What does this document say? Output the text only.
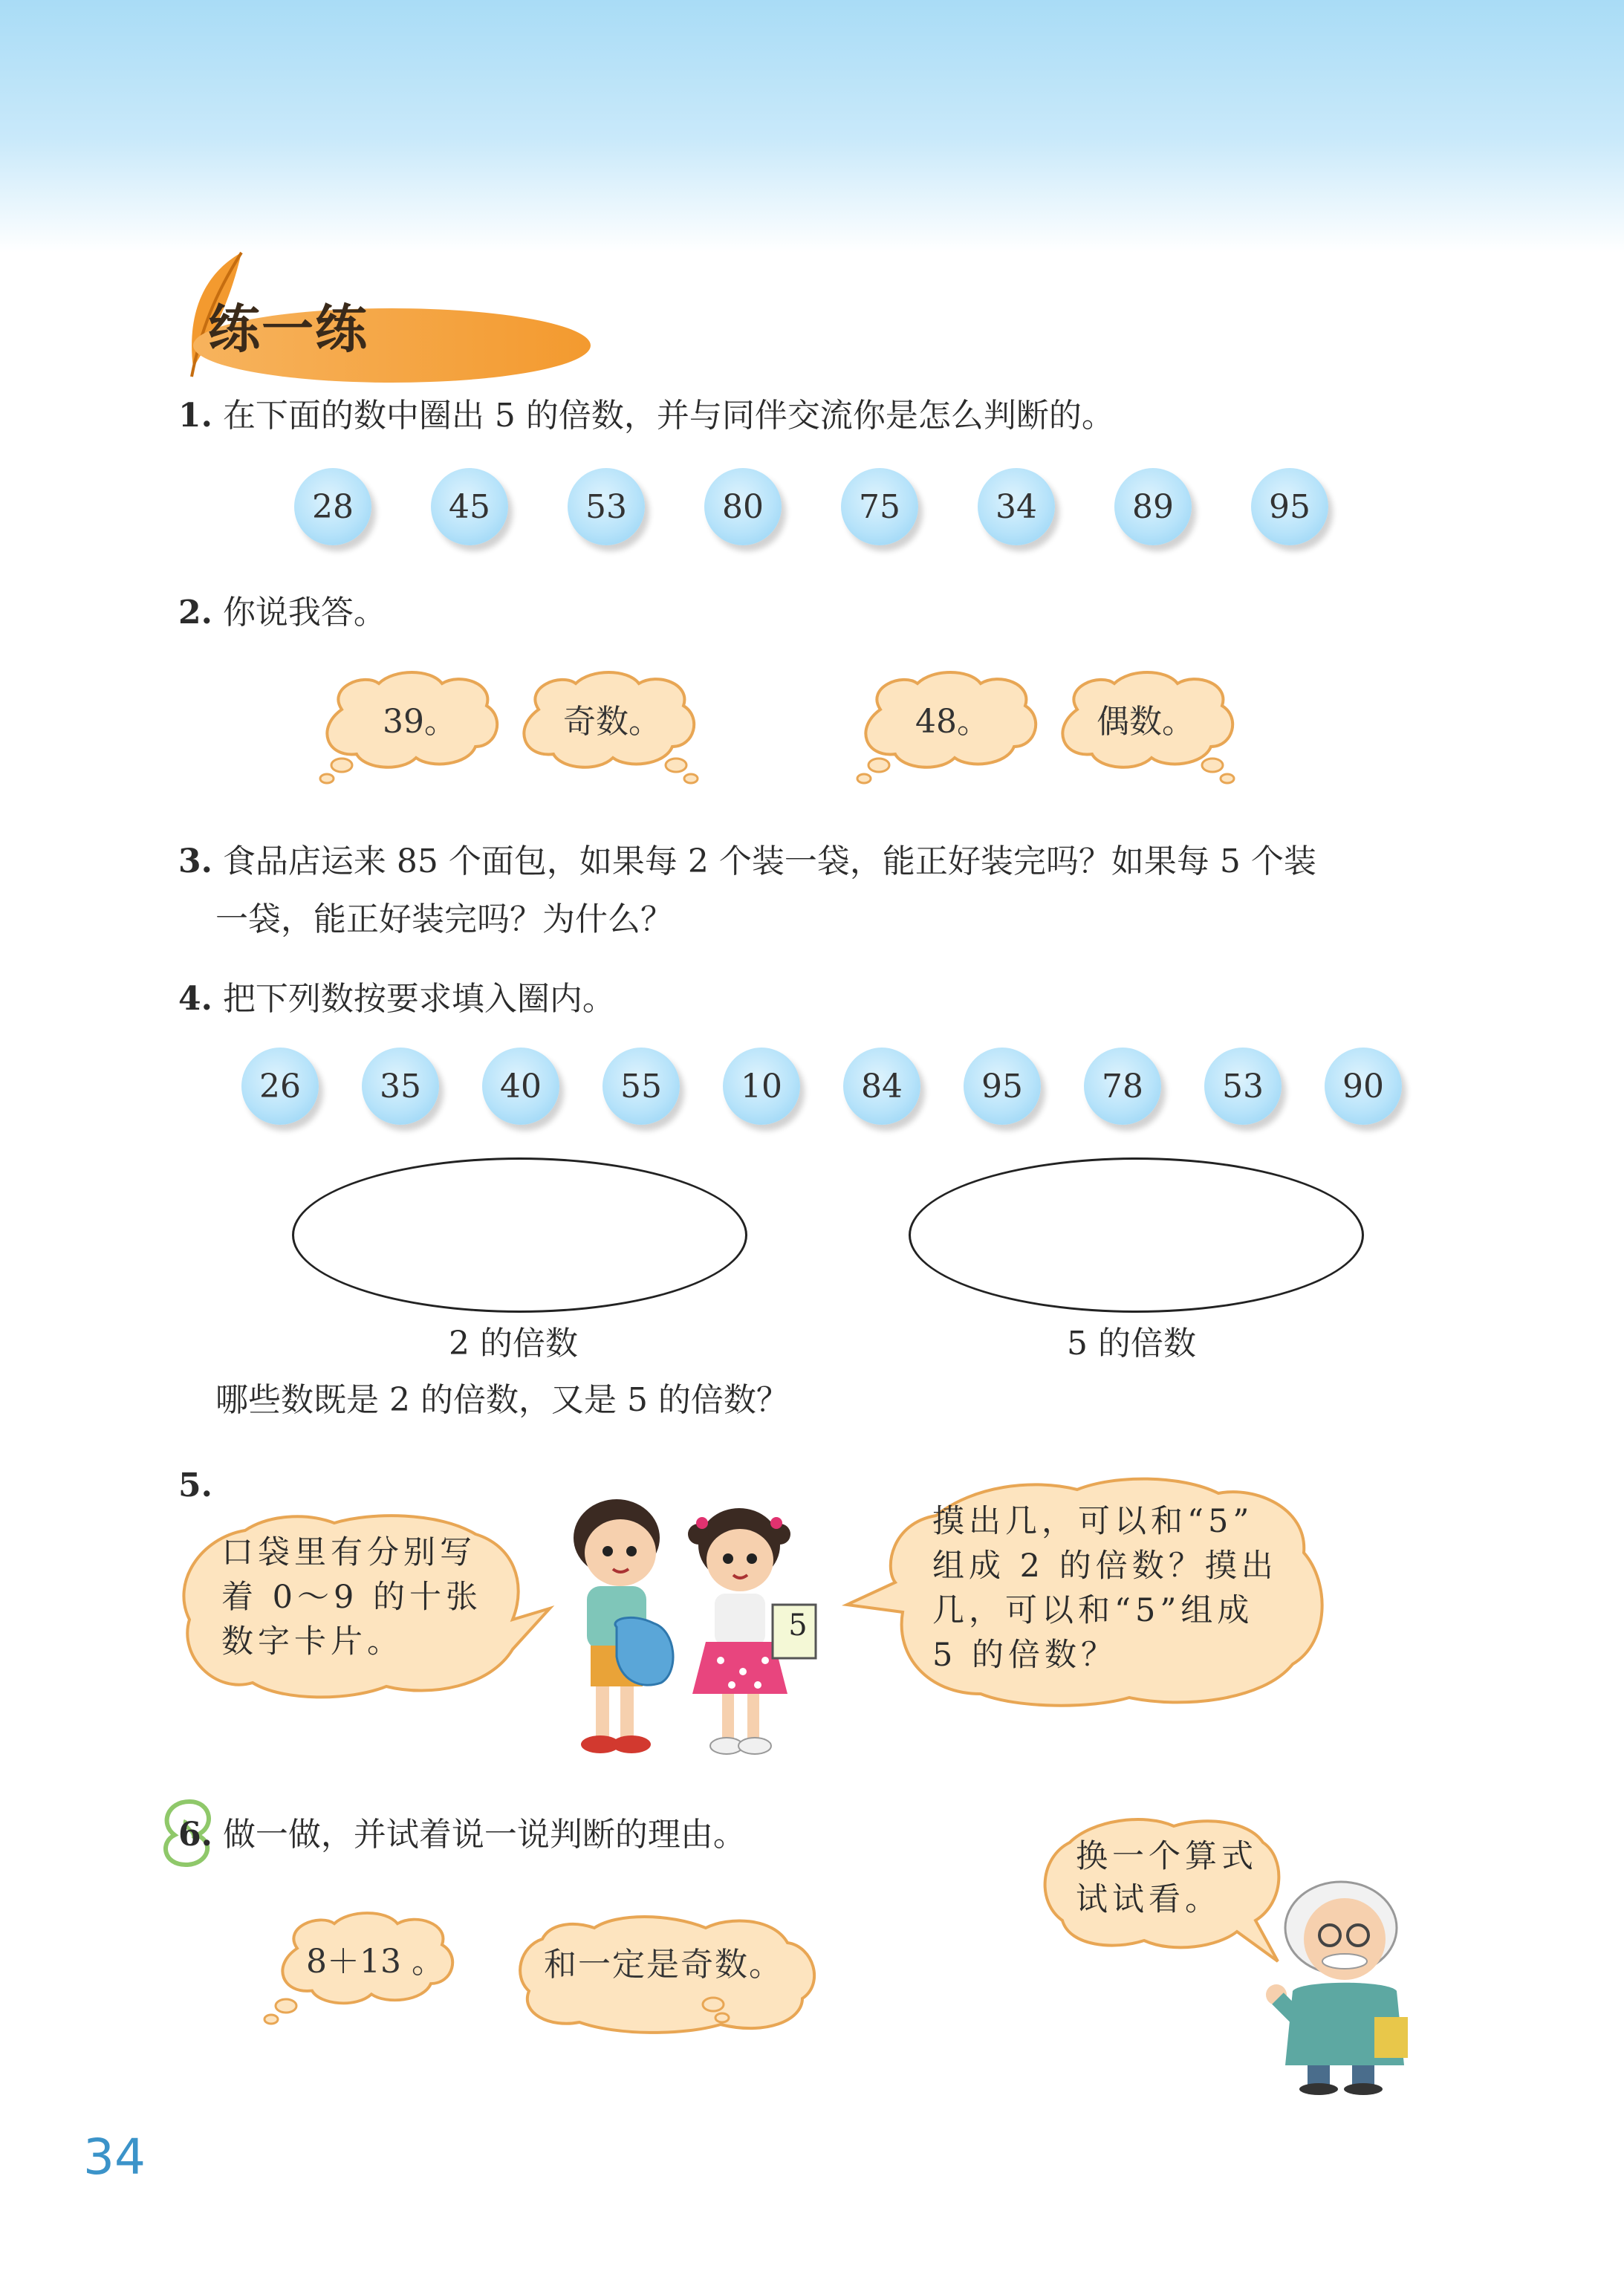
练一练
1. 在下面的数中圈出 5 的倍数，并与同伴交流你是怎么判断的。
28	45	53	80	75	34	89	95
2. 你说我答。
39。	奇数。	48。	偶数。
3. 食品店运来 85 个面包，如果每 2 个装一袋，能正好装完吗？如果每 5 个装
一袋，能正好装完吗？为什么？
4. 把下列数按要求填入圈内。
26	35	40	55	10	84	95	78	53	90
2 的倍数	5 的倍数
哪些数既是 2 的倍数，又是 5 的倍数？
5.
口袋里有分别写
着 0～9 的十张
数字卡片。	5
摸出几，可以和“5”
组成 2 的倍数？摸出
几，可以和“5”组成
5 的倍数？
6. 做一做，并试着说一说判断的理由。
8＋13 。	和一定是奇数。
换一个算式
试试看。
34
